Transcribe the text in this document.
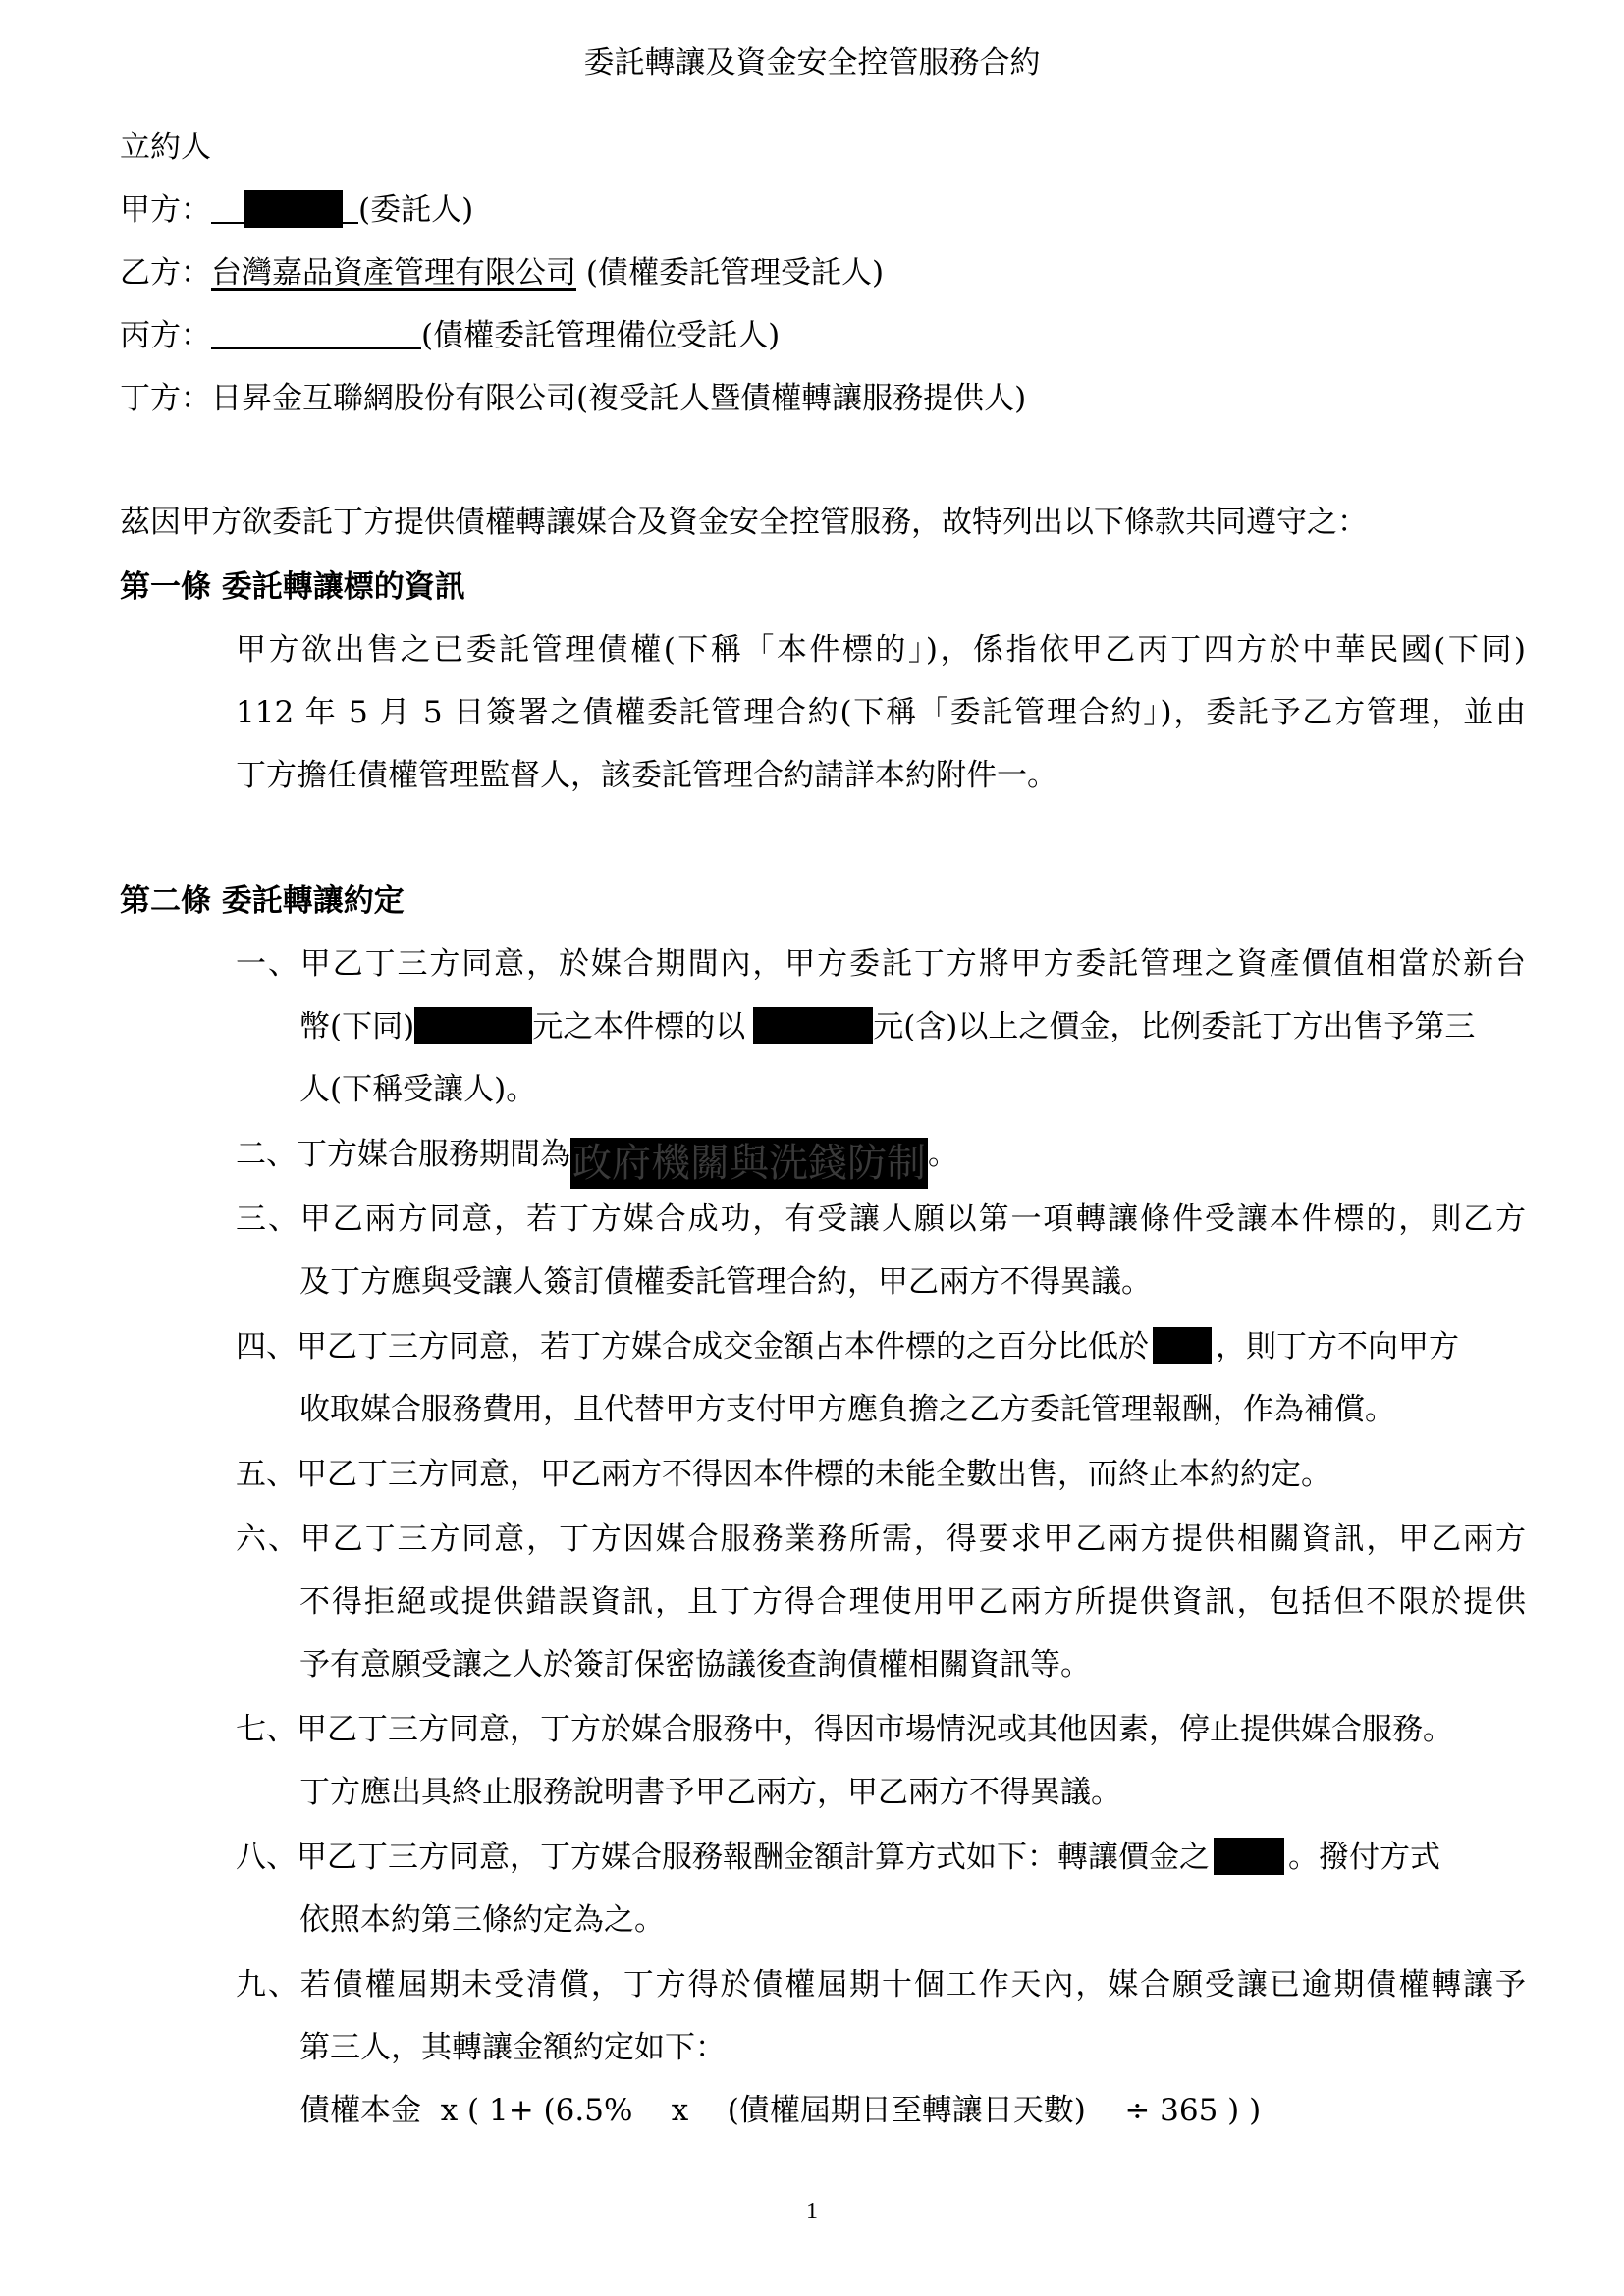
委託轉讓及資金安全控管服務合約
立約人
甲方：	(委託人)
乙方：台灣嘉品資產管理有限公司 (債權委託管理受託人)
丙方：	(債權委託管理備位受託人)
丁方：日昇金互聯網股份有限公司(複受託人暨債權轉讓服務提供人)
茲因甲方欲委託丁方提供債權轉讓媒合及資金安全控管服務，故特列出以下條款共同遵守之：
第一條 委託轉讓標的資訊
甲方欲出售之已委託管理債權(下稱「本件標的」)，係指依甲乙丙丁四方於中華民國(下同)
112 年 5 月 5 日簽署之債權委託管理合約(下稱「委託管理合約」)，委託予乙方管理，並由
丁方擔任債權管理監督人，該委託管理合約請詳本約附件一。
第二條 委託轉讓約定
一、甲乙丁三方同意，於媒合期間內，甲方委託丁方將甲方委託管理之資產價值相當於新台
幣(下同)	元之本件標的以	元(含)以上之價金，比例委託丁方出售予第三
人(下稱受讓人)。
二、丁方媒合服務期間為政府機關與洗錢防制。
三、甲乙兩方同意，若丁方媒合成功，有受讓人願以第一項轉讓條件受讓本件標的，則乙方
及丁方應與受讓人簽訂債權委託管理合約，甲乙兩方不得異議。
四、甲乙丁三方同意，若丁方媒合成交金額占本件標的之百分比低於 ，則丁方不向甲方
收取媒合服務費用，且代替甲方支付甲方應負擔之乙方委託管理報酬，作為補償。
五、甲乙丁三方同意，甲乙兩方不得因本件標的未能全數出售，而終止本約約定。
六、甲乙丁三方同意，丁方因媒合服務業務所需，得要求甲乙兩方提供相關資訊，甲乙兩方
不得拒絕或提供錯誤資訊，且丁方得合理使用甲乙兩方所提供資訊，包括但不限於提供
予有意願受讓之人於簽訂保密協議後查詢債權相關資訊等。
七、甲乙丁三方同意，丁方於媒合服務中，得因市場情況或其他因素，停止提供媒合服務。
丁方應出具終止服務說明書予甲乙兩方，甲乙兩方不得異議。
八、甲乙丁三方同意，丁方媒合服務報酬金額計算方式如下：轉讓價金之	。撥付方式
依照本約第三條約定為之。
九、若債權屆期未受清償，丁方得於債權屆期十個工作天內，媒合願受讓已逾期債權轉讓予
第三人，其轉讓金額約定如下：
債權本金  x ( 1+ (6.5%    x    (債權屆期日至轉讓日天數)    ÷ 365 ) )
1
